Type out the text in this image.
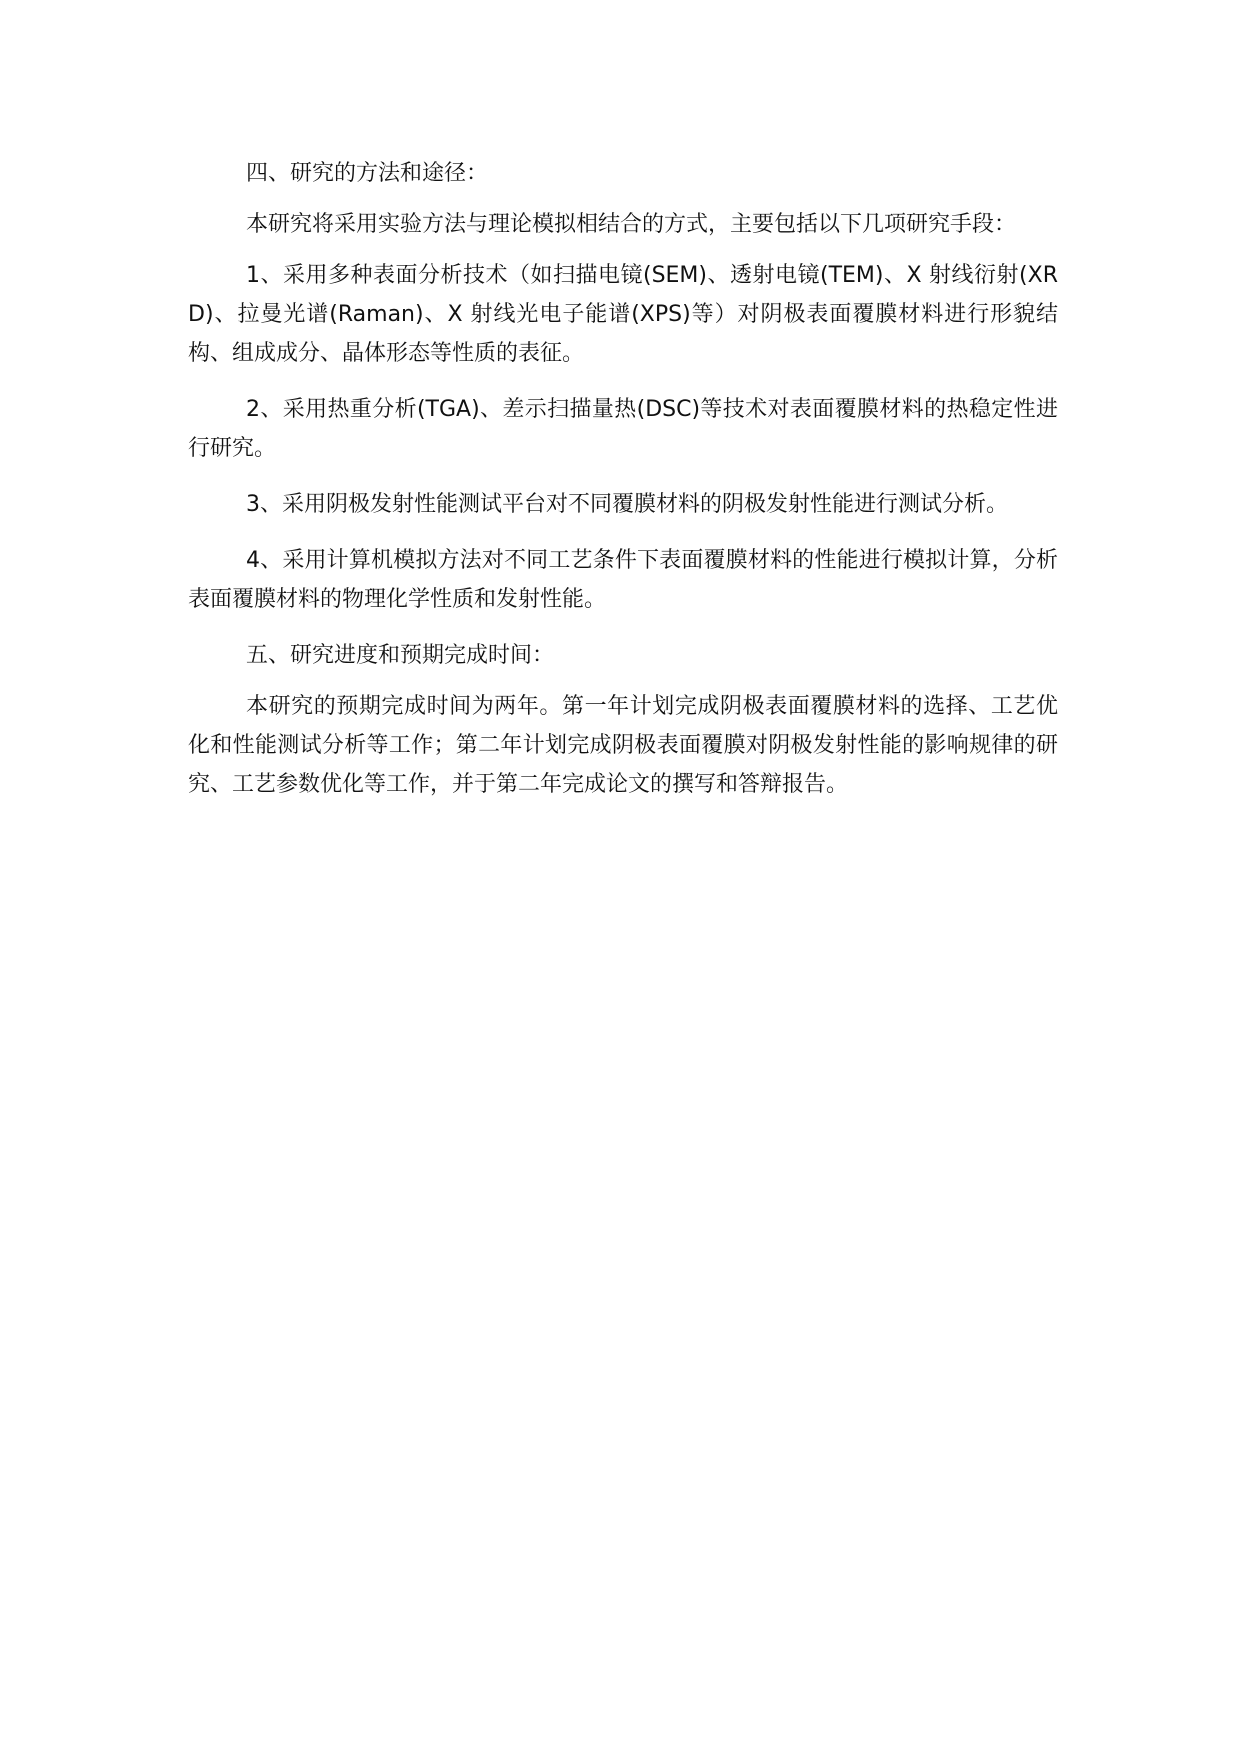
四、研究的方法和途径：

本研究将采用实验方法与理论模拟相结合的方式，主要包括以下几项研究手段：

1、采用多种表面分析技术（如扫描电镜(SEM)、透射电镜(TEM)、X 射线衍射(XRD)、拉曼光谱(Raman)、X 射线光电子能谱(XPS)等）对阴极表面覆膜材料进行形貌结构、组成成分、晶体形态等性质的表征。

2、采用热重分析(TGA)、差示扫描量热(DSC)等技术对表面覆膜材料的热稳定性进行研究。

3、采用阴极发射性能测试平台对不同覆膜材料的阴极发射性能进行测试分析。

4、采用计算机模拟方法对不同工艺条件下表面覆膜材料的性能进行模拟计算，分析表面覆膜材料的物理化学性质和发射性能。

五、研究进度和预期完成时间：

本研究的预期完成时间为两年。第一年计划完成阴极表面覆膜材料的选择、工艺优化和性能测试分析等工作；第二年计划完成阴极表面覆膜对阴极发射性能的影响规律的研究、工艺参数优化等工作，并于第二年完成论文的撰写和答辩报告。
